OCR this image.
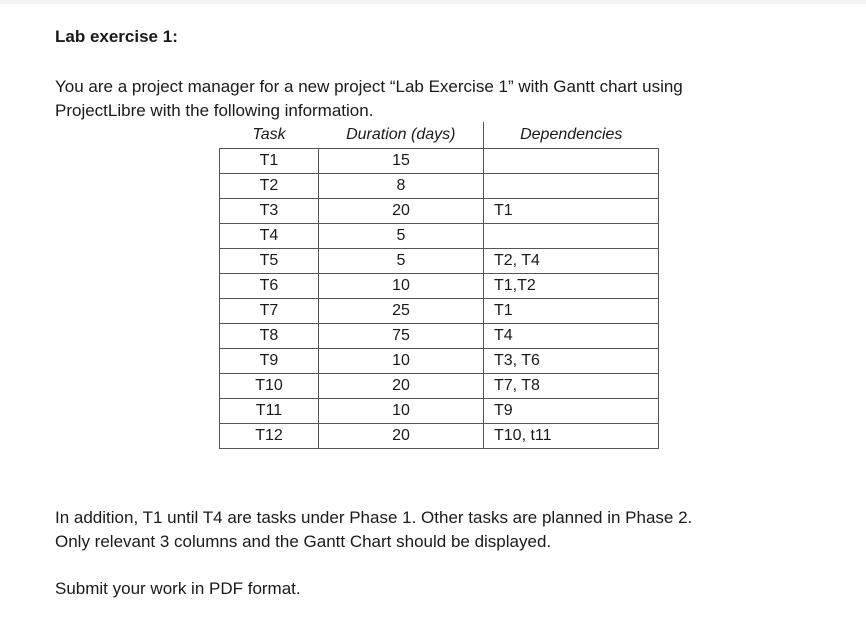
Lab exercise 1:

You are a project manager for a new project “Lab Exercise 1” with Gantt chart using

ProjectLibre with the following information.

Task	Duration (days)	Dependencies
T1	15	
T2	8	
T3	20	T1
T4	5	
T5	5	T2, T4
T6	10	T1,T2
T7	25	T1
T8	75	T4
T9	10	T3, T6
T10	20	T7, T8
T11	10	T9
T12	20	T10, t11

In addition, T1 until T4 are tasks under Phase 1. Other tasks are planned in Phase 2.

Only relevant 3 columns and the Gantt Chart should be displayed.

Submit your work in PDF format.
